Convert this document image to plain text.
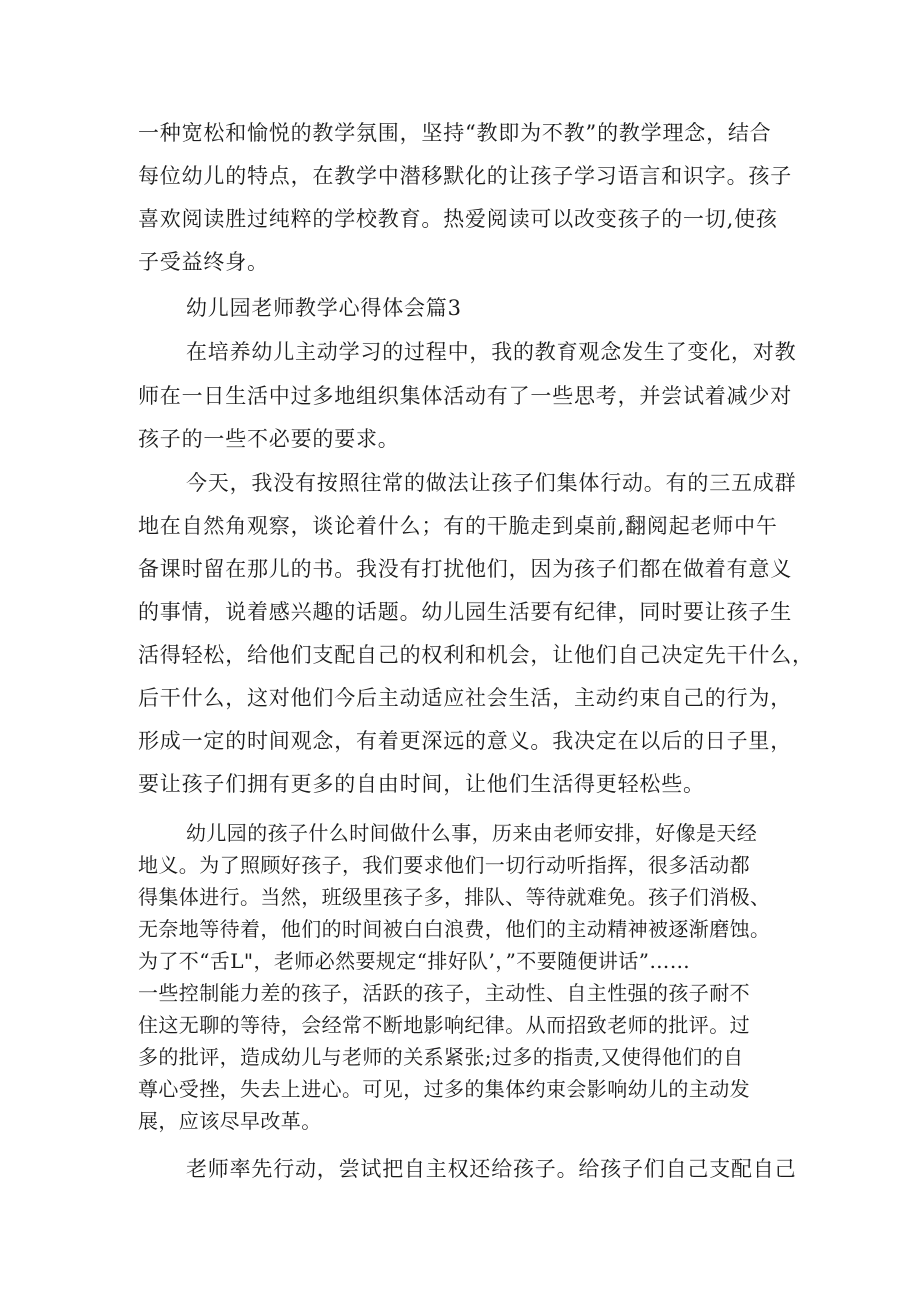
一种宽松和愉悦的教学氛围，坚持“教即为不教”的教学理念，结合
每位幼儿的特点，在教学中潜移默化的让孩子学习语言和识字。孩子
喜欢阅读胜过纯粹的学校教育。热爱阅读可以改变孩子的一切,使孩
子受益终身。
幼儿园老师教学心得体会篇3
在培养幼儿主动学习的过程中，我的教育观念发生了变化，对教
师在一日生活中过多地组织集体活动有了一些思考，并尝试着减少对
孩子的一些不必要的要求。
今天，我没有按照往常的做法让孩子们集体行动。有的三五成群
地在自然角观察，谈论着什么；有的干脆走到桌前,翻阅起老师中午
备课时留在那儿的书。我没有打扰他们，因为孩子们都在做着有意义
的事情，说着感兴趣的话题。幼儿园生活要有纪律，同时要让孩子生
活得轻松，给他们支配自己的权利和机会，让他们自己决定先干什么，
后干什么，这对他们今后主动适应社会生活，主动约束自己的行为，
形成一定的时间观念，有着更深远的意义。我决定在以后的日子里，
要让孩子们拥有更多的自由时间，让他们生活得更轻松些。
幼儿园的孩子什么时间做什么事，历来由老师安排，好像是天经
地义。为了照顾好孩子，我们要求他们一切行动听指挥，很多活动都
得集体进行。当然，班级里孩子多，排队、等待就难免。孩子们消极、
无奈地等待着，他们的时间被白白浪费，他们的主动精神被逐渐磨蚀。
为了不“舌L"，老师必然要规定“排好队’，”不要随便讲话”……
一些控制能力差的孩子，活跃的孩子，主动性、自主性强的孩子耐不
住这无聊的等待，会经常不断地影响纪律。从而招致老师的批评。过
多的批评，造成幼儿与老师的关系紧张;过多的指责,又使得他们的自
尊心受挫，失去上进心。可见，过多的集体约束会影响幼儿的主动发
展，应该尽早改革。
老师率先行动，尝试把自主权还给孩子。给孩子们自己支配自己
